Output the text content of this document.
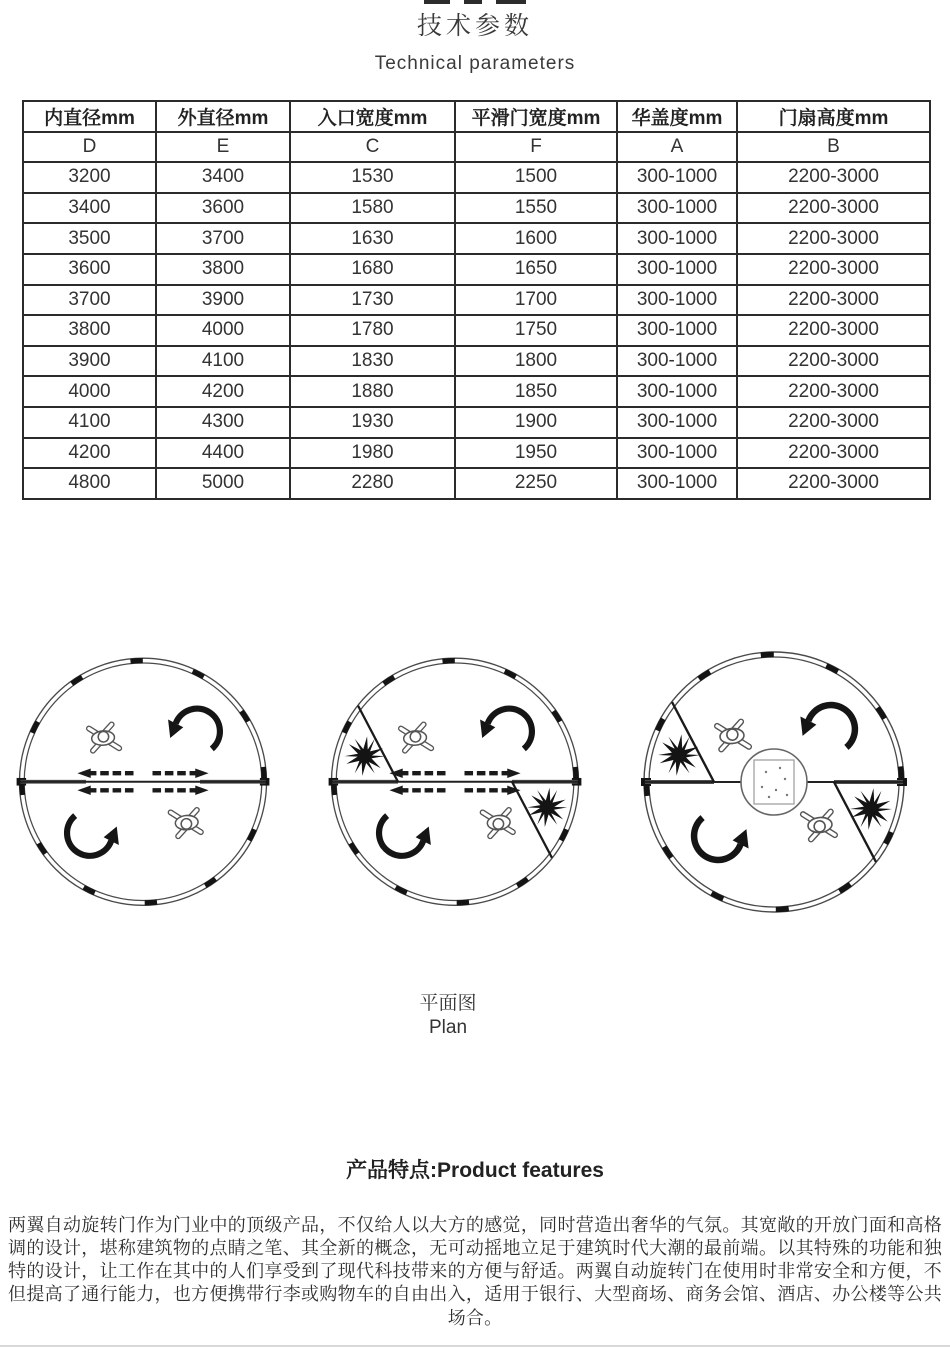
技术参数
Technical parameters
内直径mm	外直径mm	入口宽度mm	平滑门宽度mm	华盖度mm	门扇高度mm
D	E	C	F	A	B
3200	3400	1530	1500	300-1000	2200-3000
3400	3600	1580	1550	300-1000	2200-3000
3500	3700	1630	1600	300-1000	2200-3000
3600	3800	1680	1650	300-1000	2200-3000
3700	3900	1730	1700	300-1000	2200-3000
3800	4000	1780	1750	300-1000	2200-3000
3900	4100	1830	1800	300-1000	2200-3000
4000	4200	1880	1850	300-1000	2200-3000
4100	4300	1930	1900	300-1000	2200-3000
4200	4400	1980	1950	300-1000	2200-3000
4800	5000	2280	2250	300-1000	2200-3000
平面图
Plan
产品特点:Product features

两翼自动旋转门作为门业中的顶级产品，不仅给人以大方的感觉，同时营造出奢华的气氛。其宽敞的开放门面和高格调的设计，堪称建筑物的点睛之笔、其全新的概念，无可动摇地立足于建筑时代大潮的最前端。以其特殊的功能和独特的设计，让工作在其中的人们享受到了现代科技带来的方便与舒适。两翼自动旋转门在使用时非常安全和方便，不但提高了通行能力，也方便携带行李或购物车的自由出入，适用于银行、大型商场、商务会馆、酒店、办公楼等公共场合。
